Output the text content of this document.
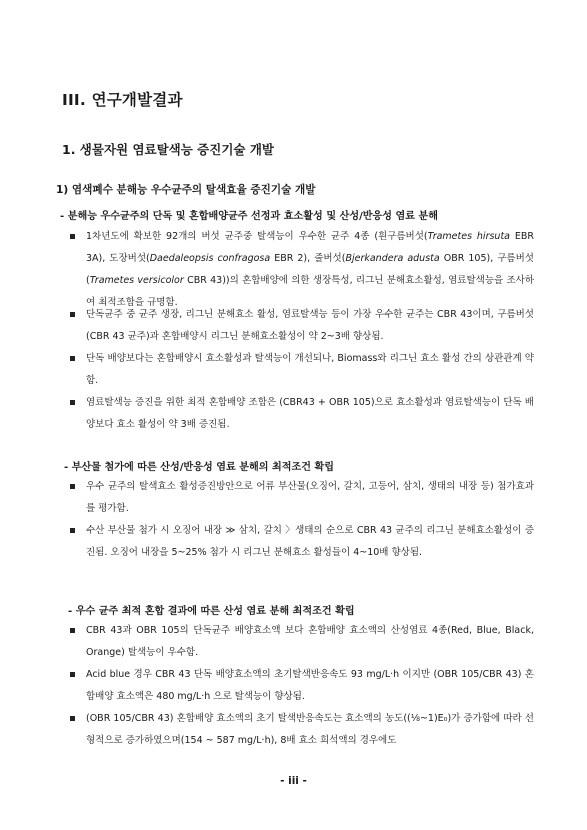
III. 연구개발결과
1. 생물자원 염료탈색능 증진기술 개발
1) 염색폐수 분해능 우수균주의 탈색효율 증진기술 개발
- 분해능 우수균주의 단독 및 혼합배양균주 선정과 효소활성 및 산성/반응성 염료 분해
1차년도에 확보한 92개의 버섯 균주중 탈색능이 우수한 균주 4종 (흰구름버섯(Trametes hirsuta EBR 3A), 도장버섯(Daedaleopsis confragosa EBR 2), 줄버섯(Bjerkandera adusta OBR 105), 구름버섯(Trametes versicolor CBR 43))의 혼합배양에 의한 생장특성, 리그닌 분해효소활성, 염료탈색능을 조사하여 최적조합을 규명함.
단독균주 중 균주 생장, 리그닌 분해효소 활성, 염료탈색능 등이 가장 우수한 균주는 CBR 43이며, 구름버섯(CBR 43 균주)과 혼합배양시 리그닌 분해효소활성이 약 2~3배 향상됨.
단독 배양보다는 혼합배양시 효소활성과 탈색능이 개선되나, Biomass와 리그닌 효소 활성 간의 상관관계 약함.
염료탈색능 증진을 위한 최적 혼합배양 조합은 (CBR43 + OBR 105)으로 효소활성과 염료탈색능이 단독 배양보다 효소 활성이 약 3배 증진됨.
- 부산물 첨가에 따른 산성/반응성 염료 분해의 최적조건 확립
우수 균주의 탈색효소 활성증진방안으로 어류 부산물(오징어, 갈치, 고등어, 삼치, 생태의 내장 등) 첨가효과를 평가함.
수산 부산물 첨가 시 오징어 내장 ≫ 삼치, 갈치 〉생태의 순으로 CBR 43 균주의 리그닌 분해효소활성이 증진됨. 오징어 내장을 5~25% 첨가 시 리그닌 분해효소 활성들이 4~10배 향상됨.
- 우수 균주 최적 혼합 결과에 따른 산성 염료 분해 최적조건 확립
CBR 43과 OBR 105의 단독균주 배양효소액 보다 혼합배양 효소액의 산성염료 4종(Red, Blue, Black, Orange) 탈색능이 우수함.
Acid blue 경우 CBR 43 단독 배양효소액의 초기탈색반응속도 93 mg/L·h 이지만 (OBR 105/CBR 43) 혼합배양 효소액은 480 mg/L·h 으로 탈색능이 향상됨.
(OBR 105/CBR 43) 혼합배양 효소액의 초기 탈색반응속도는 효소액의 농도((⅛~1)E₀)가 증가함에 따라 선형적으로 증가하였으며(154 ~ 587 mg/L·h), 8배 효소 희석액의 경우에도
- iii -
